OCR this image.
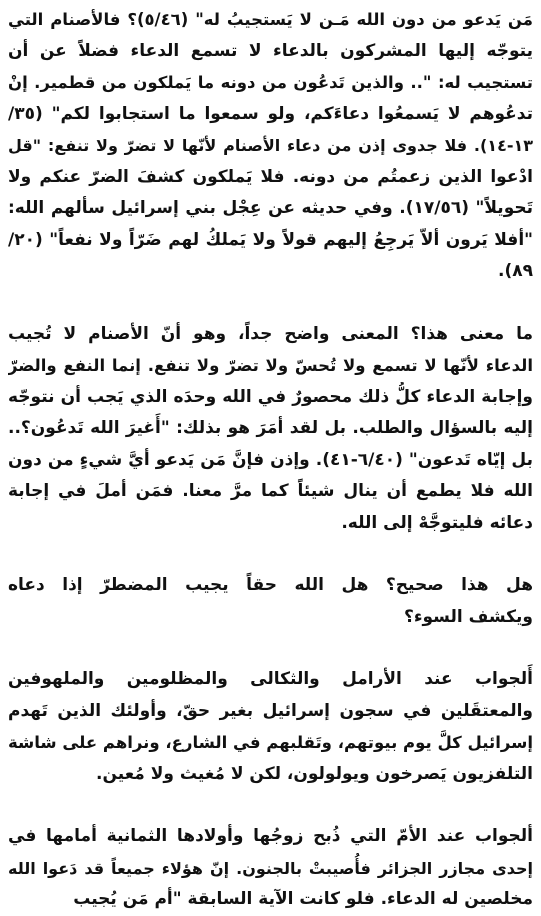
مَن يَدعو من دون الله مَـن لا يَستجيبُ له" (٥/٤٦)؟ فالأصنام التي
يتوجّه إليها المشركون بالدعاء لا تسمع الدعاء فضلاً عن أن
تستجيب له: ".. والذين تَدعُون من دونه ما يَملكون من قطمير. إنْ
تدعُوهم لا يَسمعُوا دعاءَكم، ولو سمعوا ما استجابوا لكم" (٣٥/
١٣-١٤). فلا جدوى إذن من دعاء الأصنام لأنّها لا تضرّ ولا تنفع: "قل
ادْعوا الذين زعمتُم من دونه. فلا يَملكون كشفَ الضرّ عنكم ولا
تَحويلاً" (١٧/٥٦). وفي حديثه عن عِجْل بني إسرائيل سألهم الله:
"أفلا يَرون ألاّ يَرجِعُ إليهم قولاً ولا يَملكُ لهم ضَرّاً ولا نفعاً" (٢٠/
٨٩).
ما معنى هذا؟ المعنى واضح جداً، وهو أنّ الأصنام لا تُجيب
الدعاء لأنّها لا تسمع ولا تُحسّ ولا تضرّ ولا تنفع. إنما النفع والضرّ
وإجابة الدعاء كلُّ ذلك محصورٌ في الله وحدَه الذي يَجب أن نتوجّه
إليه بالسؤال والطلب. بل لقد أمَرَ هو بذلك: "أَغيرَ الله تَدعُون؟..
بل إيّاه تَدعون" (٦/٤٠-٤١). وإذن فإنَّ مَن يَدعو أيَّ شيءٍ من دون
الله فلا يطمع أن ينال شيئاً كما مرَّ معنا. فمَن أملَ في إجابة
دعائه فليتوجَّهْ إلى الله.
هل هذا صحيح؟ هل الله حقاً يجيب المضطرّ إذا دعاه
ويكشف السوء؟
أَلجواب عند الأرامل والثكالى والمظلومين والملهوفين
والمعتقَلين في سجون إسرائيل بغير حقّ، وأولئك الذين تَهدم
إسرائيل كلَّ يوم بيوتهم، وتَقلبهم في الشارع، ونراهم على شاشة
التلفزيون يَصرخون ويولولون، لكن لا مُغيث ولا مُعين.
ألجواب عند الأمّ التي ذُبح زوجُها وأولادها الثمانية أمامها في
إحدى مجازر الجزائر فأُصيبتْ بالجنون. إنّ هؤلاء جميعاً قد دَعوا الله
مخلصين له الدعاء. فلو كانت الآية السابقة "أم مَن يُجيب
